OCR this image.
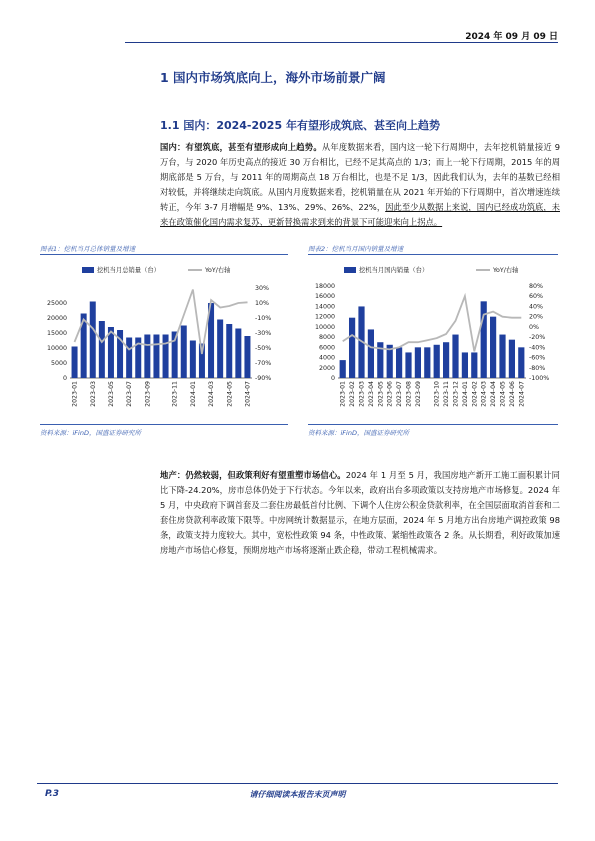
2024 年 09 月 09 日
1 国内市场筑底向上，海外市场前景广阔
1.1 国内：2024-2025 年有望形成筑底、甚至向上趋势
国内：有望筑底，甚至有望形成向上趋势。从年度数据来看，国内这一轮下行周期中，去年挖机销量接近 9 万台，与 2020 年历史高点的接近 30 万台相比，已经不足其高点的 1/3；而上一轮下行周期，2015 年的周期底部是 5 万台，与 2011 年的周期高点 18 万台相比，也是不足 1/3，因此我们认为，去年的基数已经相对较低，并将继续走向筑底。从国内月度数据来看，挖机销量在从 2021 年开始的下行周期中，首次增速连续转正，今年 3-7 月增幅是 9%、13%、29%、26%、22%，因此至少从数据上来说，国内已经成功筑底，未来在政策催化国内需求复苏、更新替换需求到来的背景下可能迎来向上拐点。
图表1：挖机当月总体销量及增速
挖机当月总销量（台）	YoY/右轴
0
5000
10000
15000
20000
25000
-90%
-70%
-50%
-30%
-10%
10%
30%
2023-01 2023-03 2023-05 2023-07 2023-09	2023-11 2024-01 2024-03 2024-05 2024-07
资料来源：iFinD，国盛证券研究所
图表2：挖机当月国内销量及增速
挖机当月国内销量（台）	YoY/右轴
0
2000
4000
6000
8000
10000
12000
14000
16000
18000
-100%
-80%
-60%
-40%
-20%
0%
20%
40%
60%
80%
2023-01 2023-02 2023-03 2023-04 2023-05 2023-06 2023-07 2023-08 2023-09 2023-10 2023-11 2023-12 2024-01 2024-02 2024-03 2024-04 2024-05 2024-06 2024-07
资料来源：iFinD，国盛证券研究所
地产：仍然较弱，但政策利好有望重塑市场信心。2024 年 1 月至 5 月，我国房地产新开工施工面积累计同比下降-24.20%，房市总体仍处于下行状态。今年以来，政府出台多项政策以支持房地产市场修复。2024 年 5 月，中央政府下调首套及二套住房最低首付比例、下调个人住房公积金贷款利率，在全国层面取消首套和二套住房贷款利率政策下限等。中房网统计数据显示，在地方层面，2024 年 5 月地方出台房地产调控政策 98 条，政策支持力度较大。其中，宽松性政策 94 条，中性政策、紧缩性政策各 2 条。从长期看，利好政策加速房地产市场信心修复，预期房地产市场将逐渐止跌企稳，带动工程机械需求。
P.3	请仔细阅读本报告末页声明
